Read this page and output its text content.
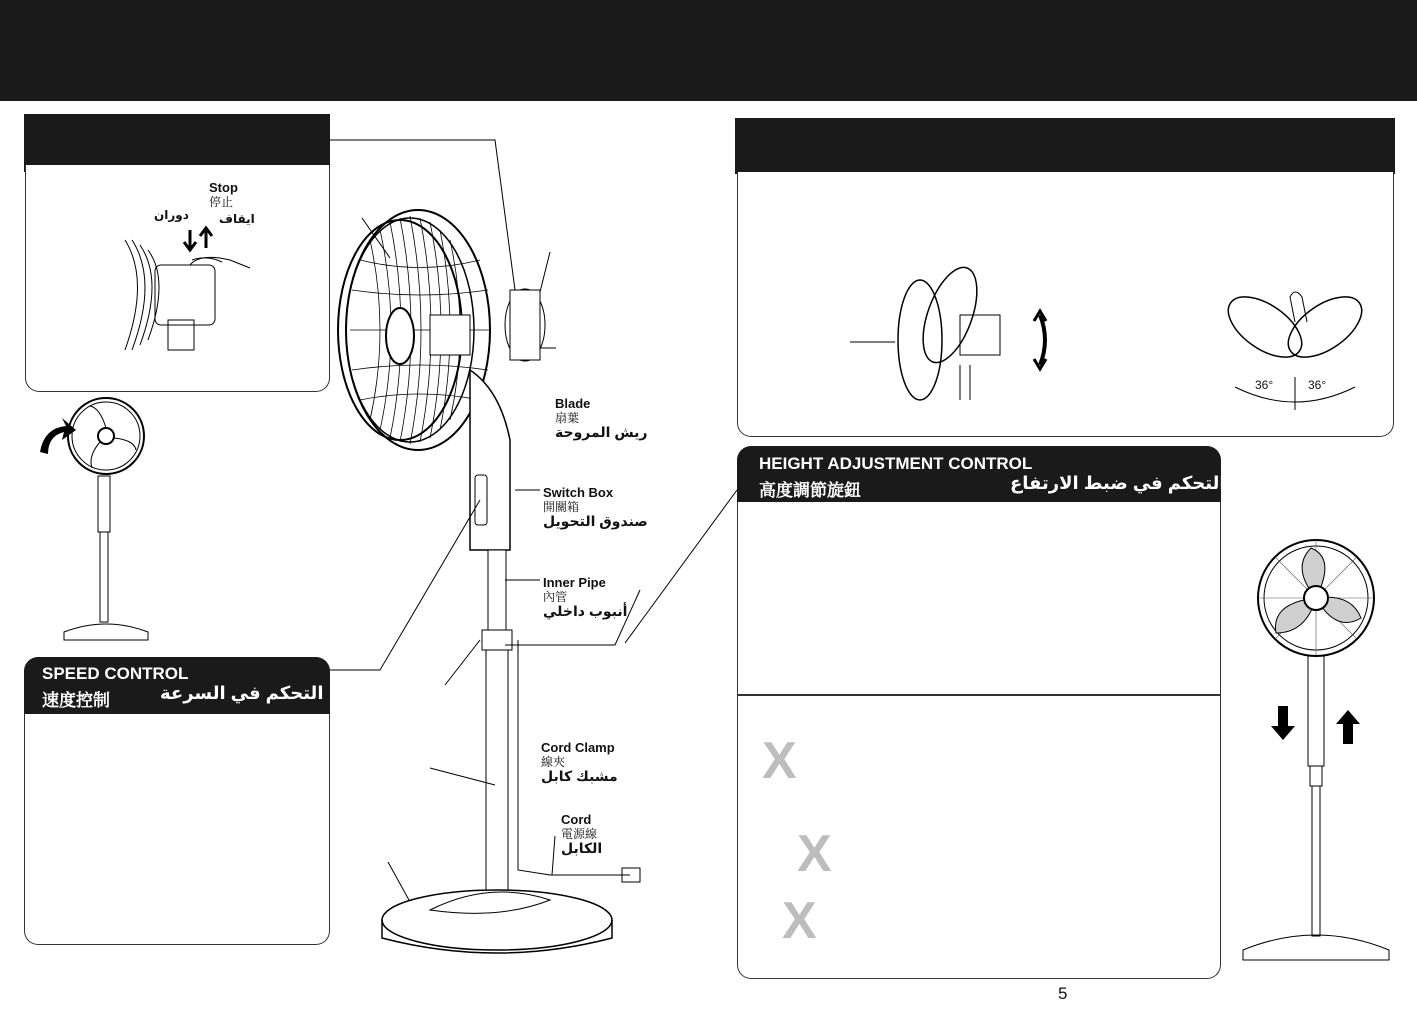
Stop
停止
ايقاف
دوران
SPEED CONTROL
速度控制	التحكم في السرعة
Blade
扇葉
ريش المروحة
Switch Box
開關箱
صندوق التحويل
Inner Pipe
內管
أنبوب داخلي
Cord Clamp
線夾
مشبك كابل
Cord
電源線
الكابل
36°	36°
HEIGHT ADJUSTMENT CONTROL
高度調節旋鈕	التحكم في ضبط الارتفاع
X
X
X
5
